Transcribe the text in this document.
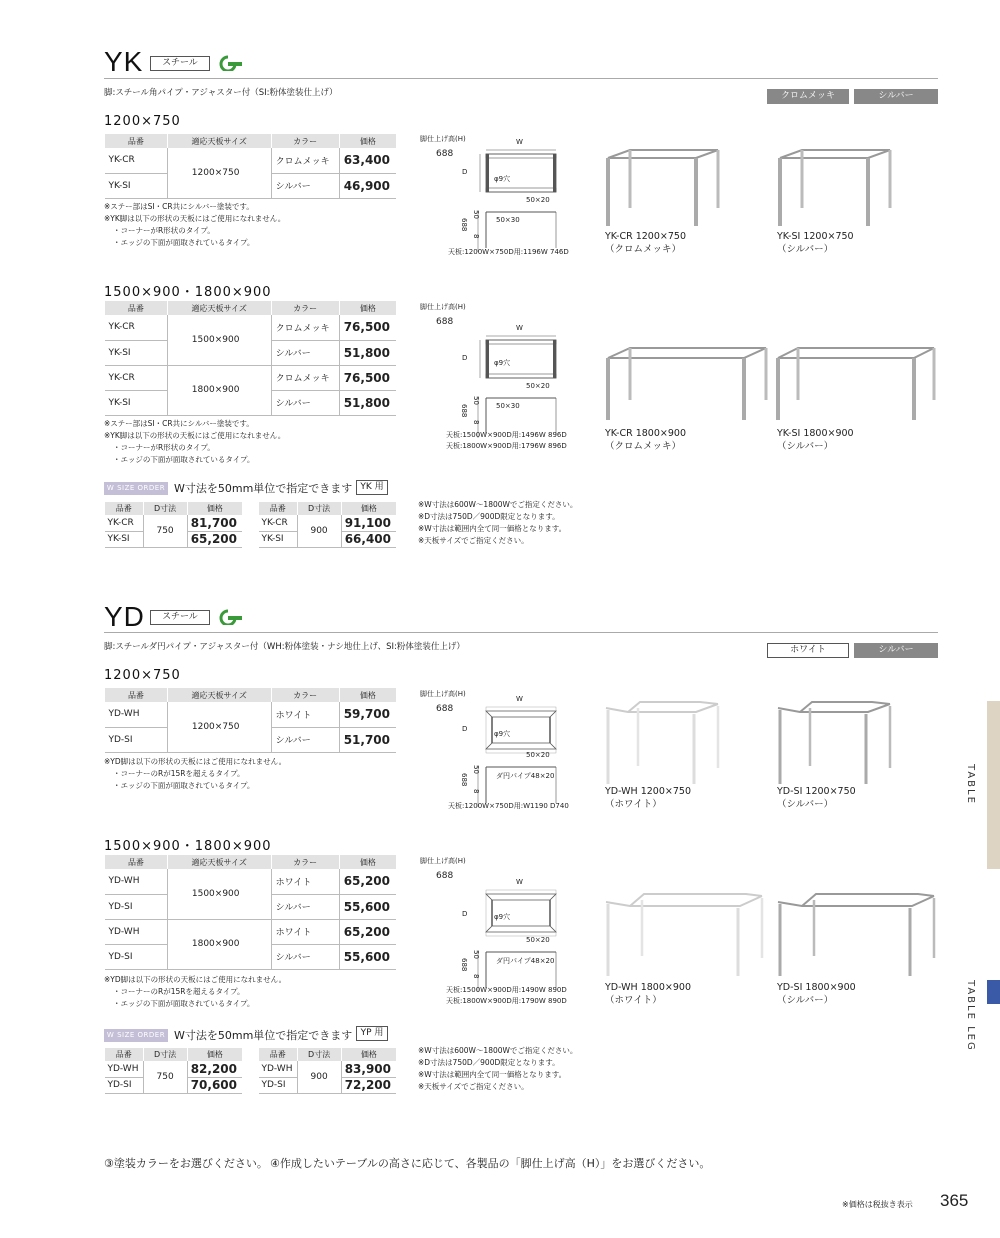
YK	スチール
脚:スチール角パイプ・アジャスター付（SI:粉体塗装仕上げ）	クロムメッキ	シルバー
1200×750
品番	適応天板サイズ	カラー	価格
YK-CR	1200×750	クロムメッキ	63,400
YK-SI		シルバー	46,900
※ステー部はSI・CR共にシルバー塗装です。
※YK脚は以下の形状の天板にはご使用になれません。
・コーナーがR形状のタイプ。
・エッジの下面が面取されているタイプ。
脚仕上げ高(H)
688
W
D
φ9穴
50×20
50×30
50
688
8
天板:1200W×750D用:1196W 746D
YK-CR 1200×750
（クロムメッキ）
YK-SI 1200×750
（シルバー）
1500×900・1800×900
品番	適応天板サイズ	カラー	価格
YK-CR	1500×900	クロムメッキ	76,500
YK-SI		シルバー	51,800
YK-CR	1800×900	クロムメッキ	76,500
YK-SI		シルバー	51,800
※ステー部はSI・CR共にシルバー塗装です。
※YK脚は以下の形状の天板にはご使用になれません。
・コーナーがR形状のタイプ。
・エッジの下面が面取されているタイプ。
脚仕上げ高(H)
688
W
D
φ9穴
50×20
50×30
50
688
8
天板:1500W×900D用:1496W 896D
天板:1800W×900D用:1796W 896D
YK-CR 1800×900
（クロムメッキ）
YK-SI 1800×900
（シルバー）
W SIZE ORDER W寸法を50mm単位で指定できます YK 用
品番	D寸法	価格
YK-CR	750	81,700
YK-SI		65,200
品番	D寸法	価格
YK-CR	900	91,100
YK-SI		66,400
※W寸法は600W～1800Wでご指定ください。
※D寸法は750D／900D限定となります。
※W寸法は範囲内全て同一価格となります。
※天板サイズでご指定ください。
YD	スチール
脚:スチールダ円パイプ・アジャスター付（WH:粉体塗装・ナシ地仕上げ、SI:粉体塗装仕上げ）	ホワイト	シルバー
1200×750
品番	適応天板サイズ	カラー	価格
YD-WH	1200×750	ホワイト	59,700
YD-SI		シルバー	51,700
※YD脚は以下の形状の天板にはご使用になれません。
・コーナーのRが15Rを超えるタイプ。
・エッジの下面が面取されているタイプ。
脚仕上げ高(H)
688
W
D
φ9穴
50×20
ダ円パイプ48×20
50
688
8
天板:1200W×750D用:W1190 D740
YD-WH 1200×750
（ホワイト）
YD-SI 1200×750
（シルバー）
1500×900・1800×900
品番	適応天板サイズ	カラー	価格
YD-WH	1500×900	ホワイト	65,200
YD-SI		シルバー	55,600
YD-WH	1800×900	ホワイト	65,200
YD-SI		シルバー	55,600
※YD脚は以下の形状の天板にはご使用になれません。
・コーナーのRが15Rを超えるタイプ。
・エッジの下面が面取されているタイプ。
脚仕上げ高(H)
688
W
D	φ9穴
50×20
ダ円パイプ48×20
50
688
8
天板:1500W×900D用:1490W 890D
天板:1800W×900D用:1790W 890D
YD-WH 1800×900
（ホワイト）
YD-SI 1800×900
（シルバー）
W SIZE ORDER W寸法を50mm単位で指定できます YP 用
品番	D寸法	価格
YD-WH	750	82,200
YD-SI		70,600
品番	D寸法	価格
YD-WH	900	83,900
YD-SI		72,200
※W寸法は600W～1800Wでご指定ください。
※D寸法は750D／900D限定となります。
※W寸法は範囲内全て同一価格となります。
※天板サイズでご指定ください。
TABLE
TABLE LEG
③塗装カラーをお選びください。 ④作成したいテーブルの高さに応じて、各製品の「脚仕上げ高（H）」をお選びください。
※価格は税抜き表示 365
